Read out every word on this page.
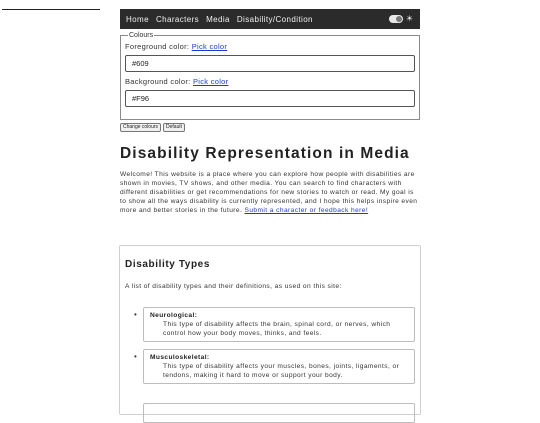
Home Characters Media Disability/Condition	☀
Colours
Foreground color: Pick color
#609
Background color: Pick color
#F96
Change colours	Default
Disability Representation in Media

Welcome! This website is a place where you can explore how people with disabilities are shown in movies, TV shows, and other media. You can search to find characters with different disabilities or get recommendations for new stories to watch or read. My goal is to show all the ways disability is currently represented, and I hope this helps inspire even more and better stories in the future. Submit a character or feedback here!

Disability Types

A list of disability types and their definitions, as used on this site:

• Neurological:
This type of disability affects the brain, spinal cord, or nerves, which control how your body moves, thinks, and feels.
• Musculoskeletal:
This type of disability affects your muscles, bones, joints, ligaments, or tendons, making it hard to move or support your body.
